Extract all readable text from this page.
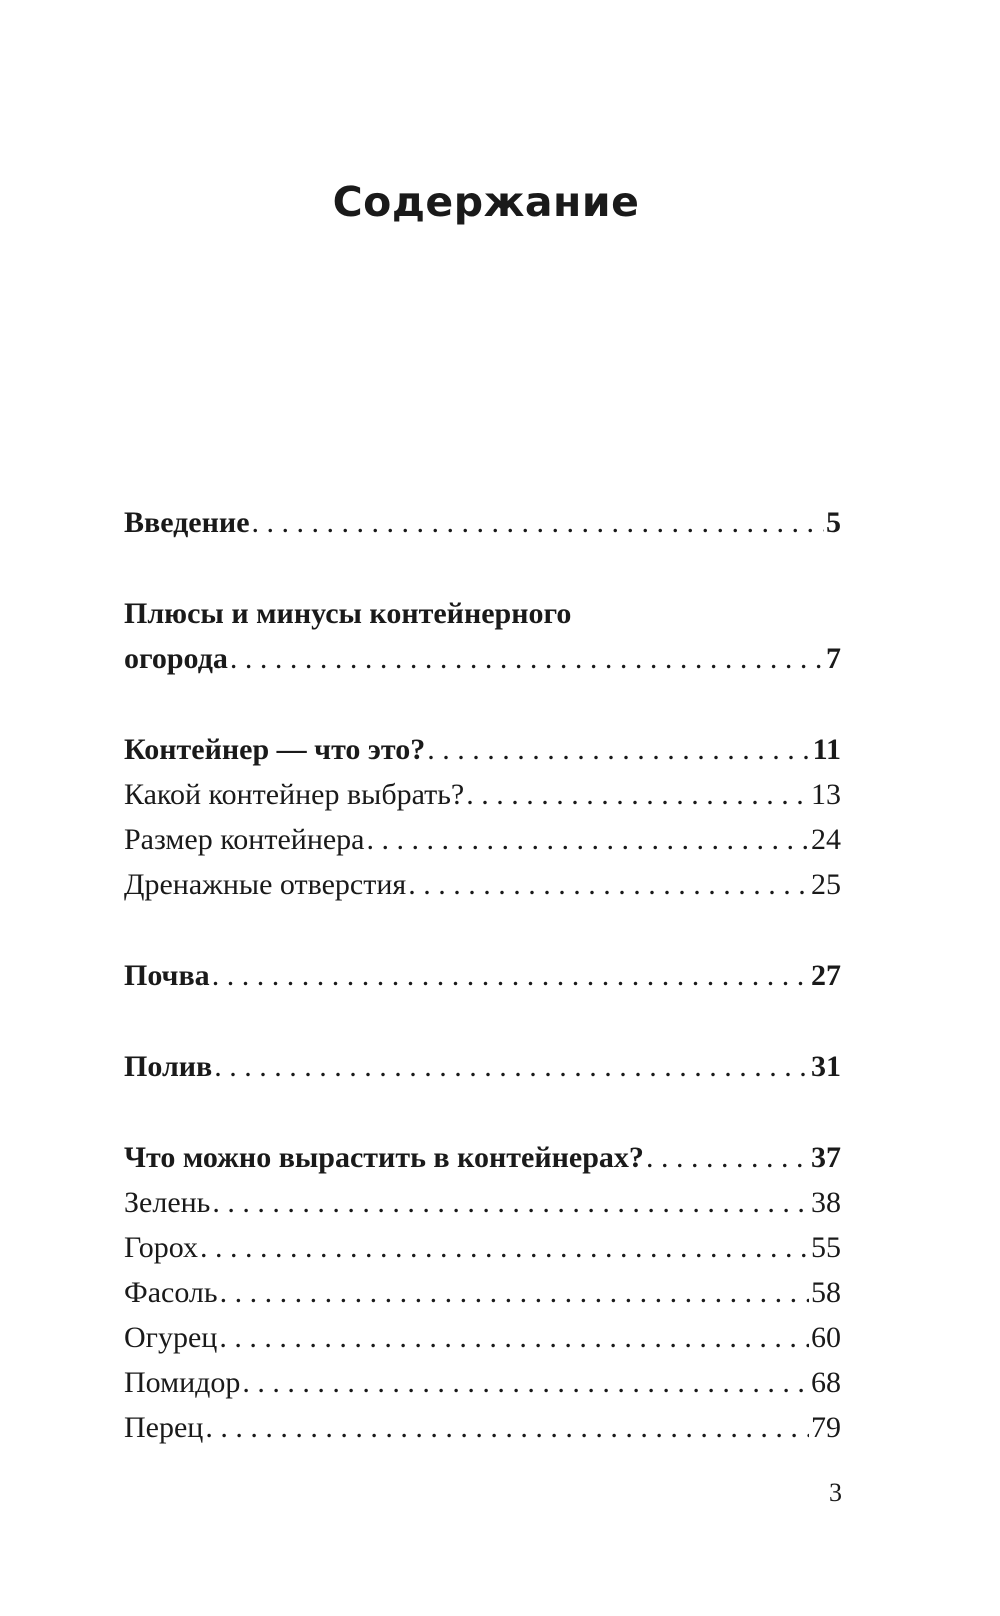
Содержание
Введение . . .	5
Плюсы и минусы контейнерного
огорода . . .	7
Контейнер — что это? . . .	11
Какой контейнер выбрать? . . .	13
Размер контейнера . . .	24
Дренажные отверстия . . .	25
Почва . . .	27
Полив . . .	31
Что можно вырастить в контейнерах? . . .	37
Зелень . . .	38
Горох . . .	55
Фасоль . . .	58
Огурец . . .	60
Помидор . . .	68
Перец . . .	79
3
